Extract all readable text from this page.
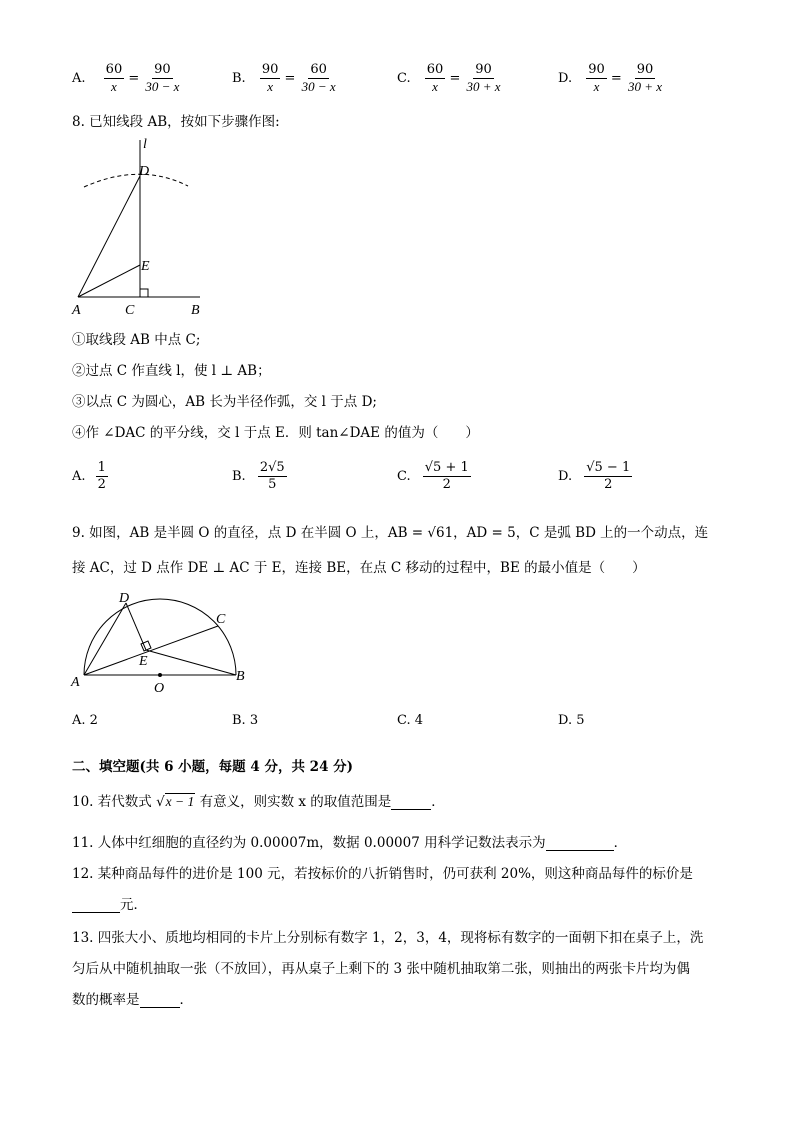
A. $\frac{60}{x} = \frac{90}{30 - x}$	B. $\frac{90}{x} = \frac{60}{30 - x}$	C. $\frac{60}{x} = \frac{90}{30 + x}$	D. $\frac{90}{x} = \frac{90}{30 + x}$
8. 已知线段 AB，按如下步骤作图:
l
D
E
A	C	B
①取线段 AB 中点 C;
②过点 C 作直线 l，使 l ⊥ AB；
③以点 C 为圆心，AB 长为半径作弧，交 l 于点 D;
④作 ∠DAC 的平分线，交 l 于点 E．则 tan∠DAE 的值为（　　）
A. $\frac{1}{2}$	B. $\frac{2√5}{5}$	C. $\frac{√5 + 1}{2}$	D. $\frac{√5 - 1}{2}$
9. 如图，AB 是半圆 O 的直径，点 D 在半圆 O 上，AB = √61，AD = 5，C 是弧 BD 上的一个动点，连
接 AC，过 D 点作 DE ⊥ AC 于 E，连接 BE，在点 C 移动的过程中，BE 的最小值是（　　）
D
C
E
A	O
B
A. 2	B. 3	C. 4	D. 5
二、填空题(共 6 小题，每题 4 分，共 24 分)
10. 若代数式 √x − 1 有意义，则实数 x 的取值范围是	．
11. 人体中红细胞的直径约为 0.00007m，数据 0.00007 用科学记数法表示为	．
12. 某种商品每件的进价是 100 元，若按标价的八折销售时，仍可获利 20%，则这种商品每件的标价是
元．
13. 四张大小、质地均相同的卡片上分别标有数字 1，2，3，4，现将标有数字的一面朝下扣在桌子上，洗
匀后从中随机抽取一张（不放回），再从桌子上剩下的 3 张中随机抽取第二张，则抽出的两张卡片均为偶
数的概率是	．
